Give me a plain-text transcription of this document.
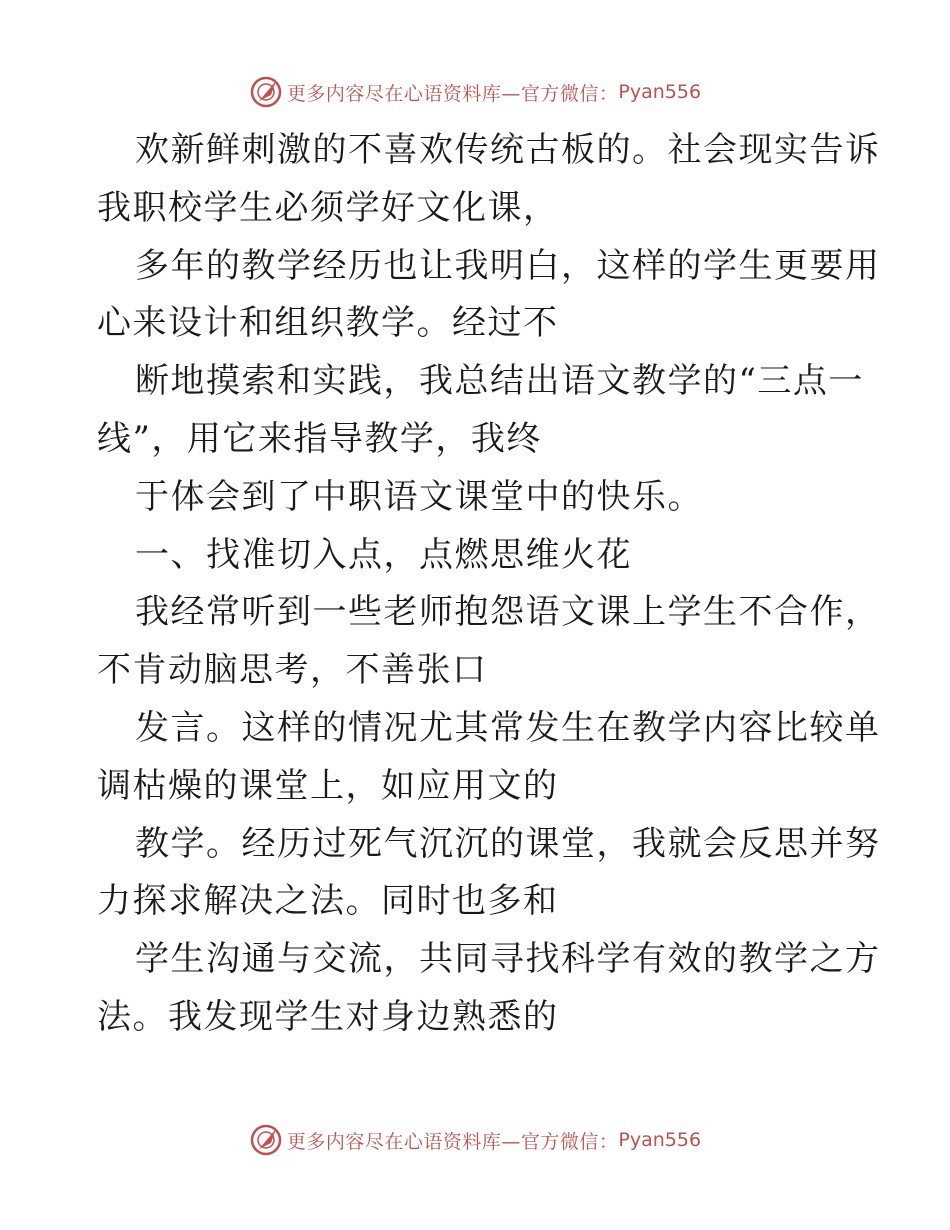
更多内容尽在心语资料库—官方微信： Pyan556
欢新鲜刺激的不喜欢传统古板的。社会现实告诉
我职校学生必须学好文化课，
多年的教学经历也让我明白，这样的学生更要用
心来设计和组织教学。经过不
断地摸索和实践，我总结出语文教学的“三点一
线”，用它来指导教学，我终
于体会到了中职语文课堂中的快乐。
一、找准切入点，点燃思维火花
我经常听到一些老师抱怨语文课上学生不合作，
不肯动脑思考，不善张口
发言。这样的情况尤其常发生在教学内容比较单
调枯燥的课堂上，如应用文的
教学。经历过死气沉沉的课堂，我就会反思并努
力探求解决之法。同时也多和
学生沟通与交流，共同寻找科学有效的教学之方
法。我发现学生对身边熟悉的
更多内容尽在心语资料库—官方微信： Pyan556
